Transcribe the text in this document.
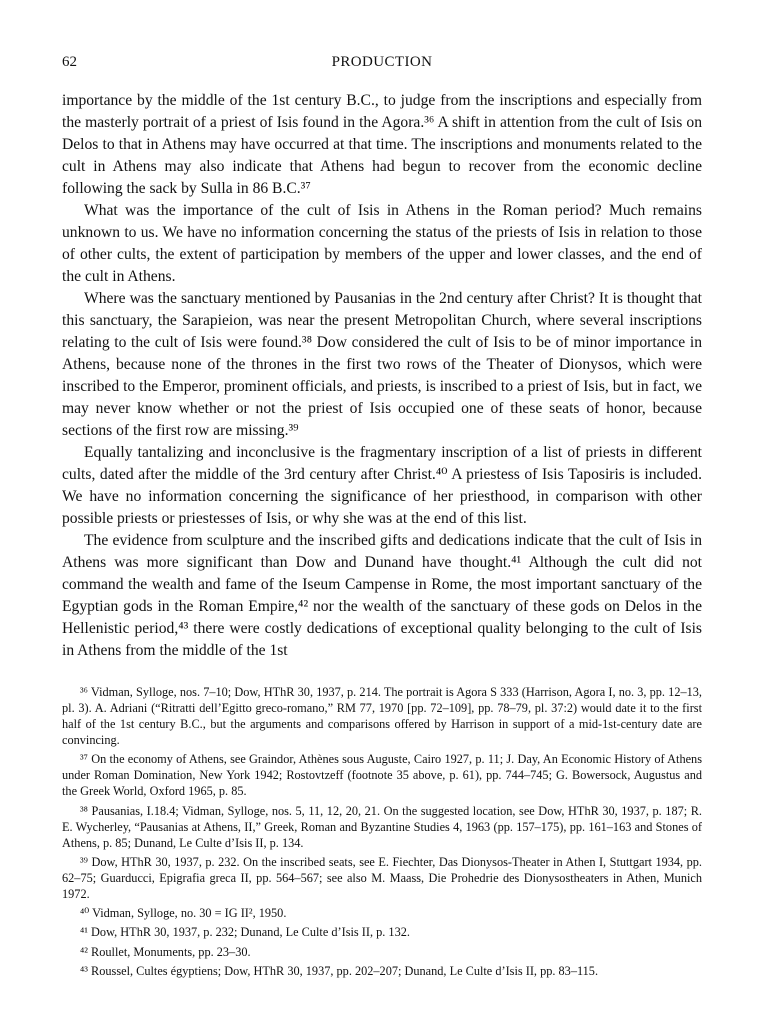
62	PRODUCTION

importance by the middle of the 1st century B.C., to judge from the inscriptions and especially from the masterly portrait of a priest of Isis found in the Agora.³⁶ A shift in attention from the cult of Isis on Delos to that in Athens may have occurred at that time. The inscriptions and monuments related to the cult in Athens may also indicate that Athens had begun to recover from the economic decline following the sack by Sulla in 86 B.C.³⁷

What was the importance of the cult of Isis in Athens in the Roman period? Much remains unknown to us. We have no information concerning the status of the priests of Isis in relation to those of other cults, the extent of participation by members of the upper and lower classes, and the end of the cult in Athens.

Where was the sanctuary mentioned by Pausanias in the 2nd century after Christ? It is thought that this sanctuary, the Sarapieion, was near the present Metropolitan Church, where several inscriptions relating to the cult of Isis were found.³⁸ Dow considered the cult of Isis to be of minor importance in Athens, because none of the thrones in the first two rows of the Theater of Dionysos, which were inscribed to the Emperor, prominent officials, and priests, is inscribed to a priest of Isis, but in fact, we may never know whether or not the priest of Isis occupied one of these seats of honor, because sections of the first row are missing.³⁹

Equally tantalizing and inconclusive is the fragmentary inscription of a list of priests in different cults, dated after the middle of the 3rd century after Christ.⁴⁰ A priestess of Isis Taposiris is included. We have no information concerning the significance of her priesthood, in comparison with other possible priests or priestesses of Isis, or why she was at the end of this list.

The evidence from sculpture and the inscribed gifts and dedications indicate that the cult of Isis in Athens was more significant than Dow and Dunand have thought.⁴¹ Although the cult did not command the wealth and fame of the Iseum Campense in Rome, the most important sanctuary of the Egyptian gods in the Roman Empire,⁴² nor the wealth of the sanctuary of these gods on Delos in the Hellenistic period,⁴³ there were costly dedications of exceptional quality belonging to the cult of Isis in Athens from the middle of the 1st

³⁶ Vidman, Sylloge, nos. 7–10; Dow, HThR 30, 1937, p. 214. The portrait is Agora S 333 (Harrison, Agora I, no. 3, pp. 12–13, pl. 3). A. Adriani (“Ritratti dell’Egitto greco-romano,” RM 77, 1970 [pp. 72–109], pp. 78–79, pl. 37:2) would date it to the first half of the 1st century B.C., but the arguments and comparisons offered by Harrison in support of a mid-1st-century date are convincing.

³⁷ On the economy of Athens, see Graindor, Athènes sous Auguste, Cairo 1927, p. 11; J. Day, An Economic History of Athens under Roman Domination, New York 1942; Rostovtzeff (footnote 35 above, p. 61), pp. 744–745; G. Bowersock, Augustus and the Greek World, Oxford 1965, p. 85.

³⁸ Pausanias, I.18.4; Vidman, Sylloge, nos. 5, 11, 12, 20, 21. On the suggested location, see Dow, HThR 30, 1937, p. 187; R. E. Wycherley, “Pausanias at Athens, II,” Greek, Roman and Byzantine Studies 4, 1963 (pp. 157–175), pp. 161–163 and Stones of Athens, p. 85; Dunand, Le Culte d’Isis II, p. 134.

³⁹ Dow, HThR 30, 1937, p. 232. On the inscribed seats, see E. Fiechter, Das Dionysos-Theater in Athen I, Stuttgart 1934, pp. 62–75; Guarducci, Epigrafia greca II, pp. 564–567; see also M. Maass, Die Prohedrie des Dionysostheaters in Athen, Munich 1972.

⁴⁰ Vidman, Sylloge, no. 30 = IG II², 1950.

⁴¹ Dow, HThR 30, 1937, p. 232; Dunand, Le Culte d’Isis II, p. 132.

⁴² Roullet, Monuments, pp. 23–30.

⁴³ Roussel, Cultes égyptiens; Dow, HThR 30, 1937, pp. 202–207; Dunand, Le Culte d’Isis II, pp. 83–115.
